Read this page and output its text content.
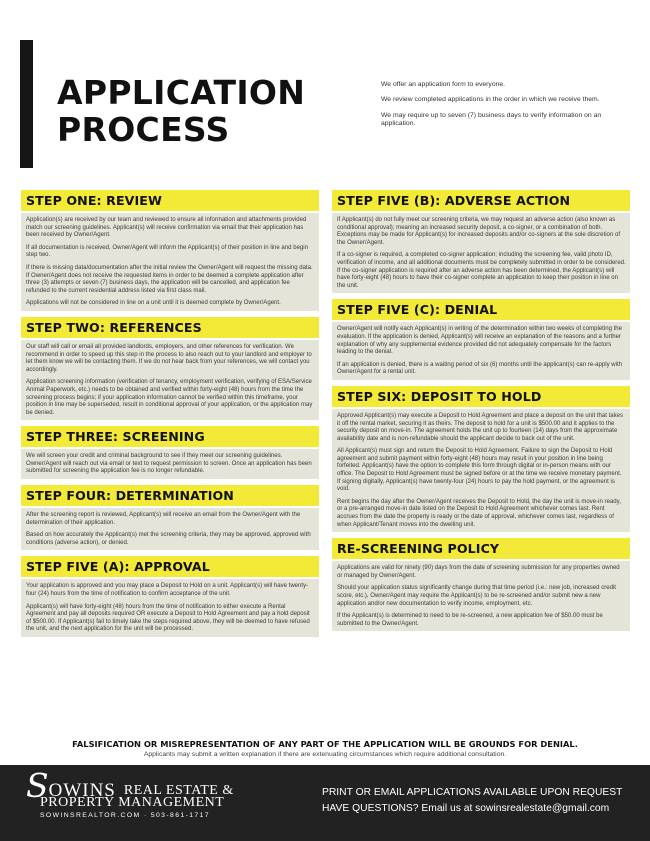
APPLICATION
PROCESS

We offer an application form to everyone.

We review completed applications in the order in which we receive them.

We may require up to seven (7) business days to verify information on an application.

STEP ONE: REVIEW

Application(s) are received by our team and reviewed to ensure all information and attachments provided match our screening guidelines. Applicant(s) will receive confirmation via email that their application has been received by Owner/Agent.

If all documentation is received, Owner/Agent will inform the Applicant(s) of their position in line and begin step two.

If there is missing data/documentation after the initial review the Owner/Agent will request the missing data. If Owner/Agent does not receive the requested items in order to be deemed a complete application after three (3) attempts or seven (7) business days, the application will be cancelled, and application fee refunded to the current residential address listed via first class mail.

Applications will not be considered in line on a unit until it is deemed complete by Owner/Agent.

STEP TWO: REFERENCES

Our staff will call or email all provided landlords, employers, and other references for verification. We recommend in order to speed up this step in the process to also reach out to your landlord and employer to let them know we will be contacting them. If we do not hear back from your references, we will contact you accordingly.

Application screening information (verification of tenancy, employment verification, verifying of ESA/Service Animal Paperwork, etc.) needs to be obtained and verified within forty-eight (48) hours from the time the screening process begins; if your application information cannot be verified within this timeframe, your position in line may be superseded, result in conditional approval of your application, or the application may be denied.

STEP THREE: SCREENING

We will screen your credit and criminal background to see if they meet our screening guidelines. Owner/Agent will reach out via email or text to request permission to screen. Once an application has been submitted for screening the application fee is no longer refundable.

STEP FOUR: DETERMINATION

After the screening report is reviewed, Applicant(s) will receive an email from the Owner/Agent with the determination of their application.

Based on how accurately the Applicant(s) met the screening criteria, they may be approved, approved with conditions (adverse action), or denied.

STEP FIVE (A): APPROVAL

Your application is approved and you may place a Deposit to Hold on a unit. Applicant(s) will have twenty-four (24) hours from the time of notification to confirm acceptance of the unit.

Applicant(s) will have forty-eight (48) hours from the time of notification to either execute a Rental Agreement and pay all deposits required OR execute a Deposit to Hold Agreement and pay a hold deposit of $500.00. If Applicant(s) fail to timely take the steps required above, they will be deemed to have refused the unit, and the next application for the unit will be processed.

STEP FIVE (B): ADVERSE ACTION

If Applicant(s) do not fully meet our screening criteria, we may request an adverse action (also known as conditional approval); meaning an increased security deposit, a co-signer, or a combination of both. Exceptions may be made for Applicant(s) for increased deposits and/or co-signers at the sole discretion of the Owner/Agent.

If a co-signer is required, a completed co-signer application; including the screening fee, valid photo ID, verification of income, and all additional documents must be completely submitted in order to be considered. If the co-signer application is required after an adverse action has been determined, the Applicant(s) will have forty-eight (48) hours to have their co-signer complete an application to keep their position in line on the unit.

STEP FIVE (C): DENIAL

Owner/Agent will notify each Applicant(s) in writing of the determination within two weeks of completing the evaluation. If the application is denied, Applicant(s) will receive an explanation of the reasons and a further explanation of why any supplemental evidence provided did not adequately compensate for the factors leading to the denial.

If an application is denied, there is a waiting period of six (6) months until the applicant(s) can re-apply with Owner/Agent for a rental unit.

STEP SIX: DEPOSIT TO HOLD

Approved Applicant(s) may execute a Deposit to Hold Agreement and place a deposit on the unit that takes it off the rental market, securing it as theirs. The deposit to hold for a unit is $500.00 and it applies to the security deposit on move-in. The agreement holds the unit up to fourteen (14) days from the approximate availability date and is non-refundable should the applicant decide to back out of the unit.

All Applicant(s) must sign and return the Deposit to Hold Agreement. Failure to sign the Deposit to Hold agreement and submit payment within forty-eight (48) hours may result in your position in line being forfeited. Applicant(s) have the option to complete this form through digital or in-person means with our office. The Deposit to Hold Agreement must be signed before or at the time we receive monetary payment. If signing digitally, Applicant(s) have twenty-four (24) hours to pay the hold payment, or the agreement is void.

Rent begins the day after the Owner/Agent receives the Deposit to Hold, the day the unit is move-in ready, or a pre-arranged move-in date listed on the Deposit to Hold Agreement whichever comes last. Rent accrues from the date the property is ready or the date of approval, whichever comes last, regardless of when Applicant/Tenant moves into the dwelling unit.

RE-SCREENING POLICY

Applications are valid for ninety (90) days from the date of screening submission for any properties owned or managed by Owner/Agent.

Should your application status significantly change during that time period (i.e.: new job, increased credit score, etc.), Owner/Agent may require the Applicant(s) to be re-screened and/or submit new a new application and/or new documentation to verify income, employment, etc.

If the Applicant(s) is determined to need to be re-screened, a new application fee of $50.00 must be submitted to the Owner/Agent.

FALSIFICATION OR MISREPRESENTATION OF ANY PART OF THE APPLICATION WILL BE GROUNDS FOR DENIAL.
Applicants may submit a written explanation if there are extenuating circumstances which require additional consultation.
S OWINS REAL ESTATE &
PROPERTY MANAGEMENT
SOWINSREALTOR.COM · 503-861-1717
PRINT OR EMAIL APPLICATIONS AVAILABLE UPON REQUEST
HAVE QUESTIONS? Email us at sowinsrealestate@gmail.com
